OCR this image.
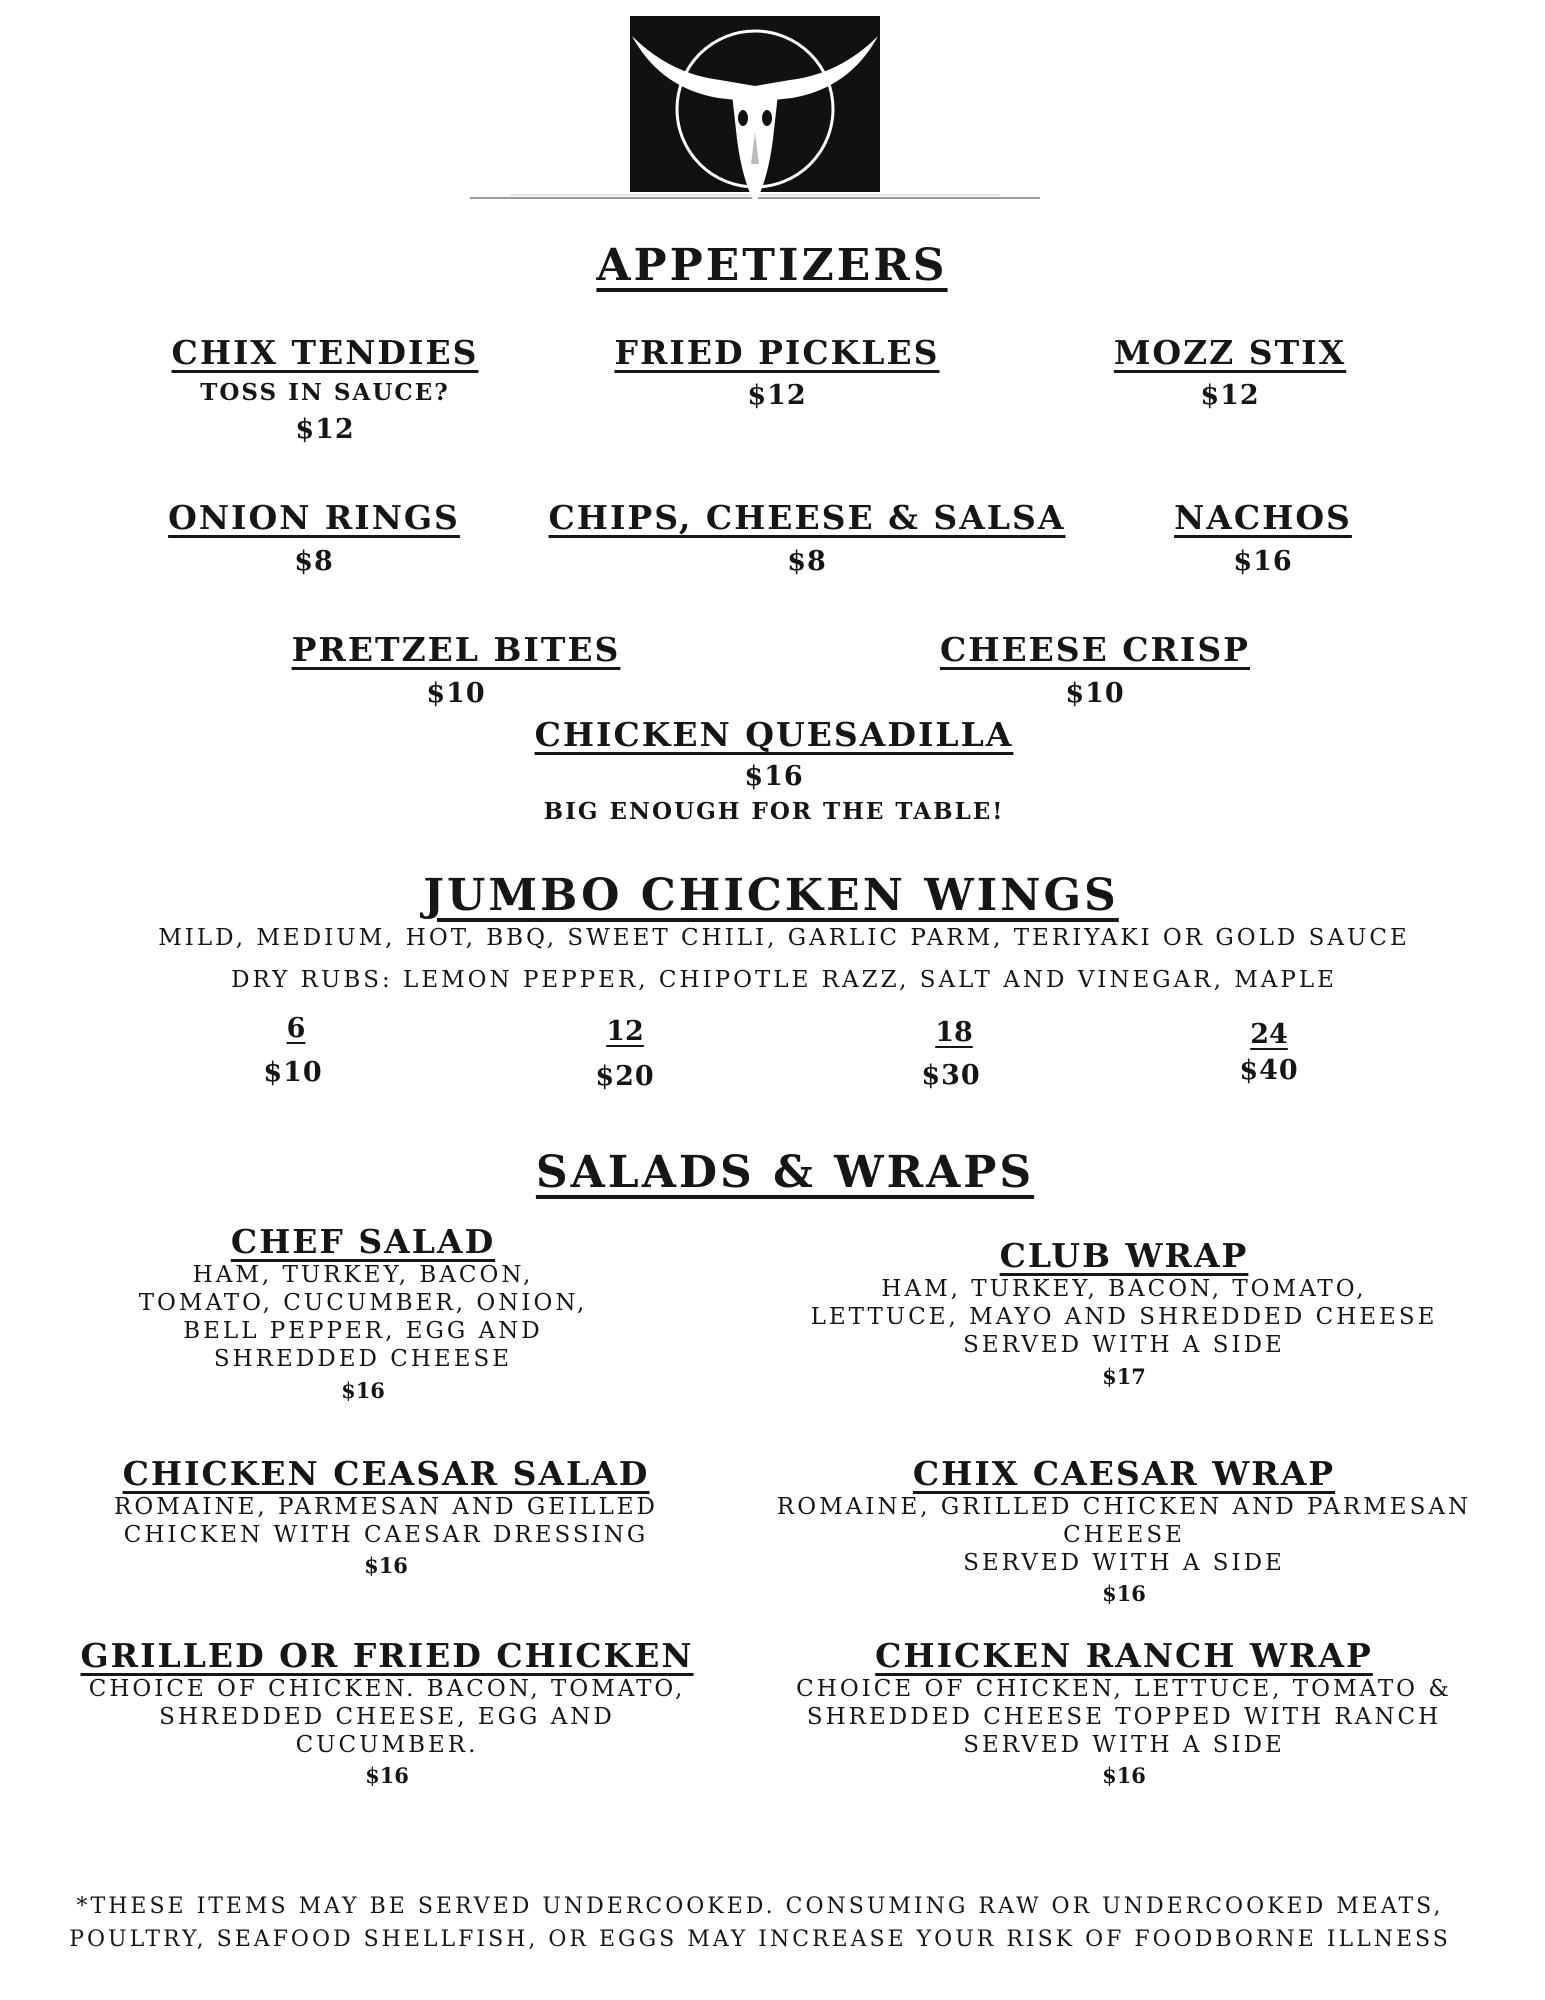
APPETIZERS
CHIX TENDIES
TOSS IN SAUCE?
$12
FRIED PICKLES
$12
MOZZ STIX
$12
ONION RINGS
$8
CHIPS, CHEESE & SALSA
$8
NACHOS
$16
PRETZEL BITES
$10
CHEESE CRISP
$10
CHICKEN QUESADILLA
$16
BIG ENOUGH FOR THE TABLE!
JUMBO CHICKEN WINGS
MILD, MEDIUM, HOT, BBQ, SWEET CHILI, GARLIC PARM, TERIYAKI OR GOLD SAUCE
DRY RUBS: LEMON PEPPER, CHIPOTLE RAZZ, SALT AND VINEGAR, MAPLE
6
$10
12
$20
18
$30
24
$40
SALADS & WRAPS
CHEF SALAD
HAM, TURKEY, BACON,
TOMATO, CUCUMBER, ONION,
BELL PEPPER, EGG AND
SHREDDED CHEESE
$16
CLUB WRAP
HAM, TURKEY, BACON, TOMATO,
LETTUCE, MAYO AND SHREDDED CHEESE
SERVED WITH A SIDE
$17
CHICKEN CEASAR SALAD
ROMAINE, PARMESAN AND GEILLED
CHICKEN WITH CAESAR DRESSING
$16
CHIX CAESAR WRAP
ROMAINE, GRILLED CHICKEN AND PARMESAN
CHEESE
SERVED WITH A SIDE
$16
GRILLED OR FRIED CHICKEN
CHOICE OF CHICKEN. BACON, TOMATO,
SHREDDED CHEESE, EGG AND
CUCUMBER.
$16
CHICKEN RANCH WRAP
CHOICE OF CHICKEN, LETTUCE, TOMATO &
SHREDDED CHEESE TOPPED WITH RANCH
SERVED WITH A SIDE
$16
*THESE ITEMS MAY BE SERVED UNDERCOOKED. CONSUMING RAW OR UNDERCOOKED MEATS,
POULTRY, SEAFOOD SHELLFISH, OR EGGS MAY INCREASE YOUR RISK OF FOODBORNE ILLNESS
